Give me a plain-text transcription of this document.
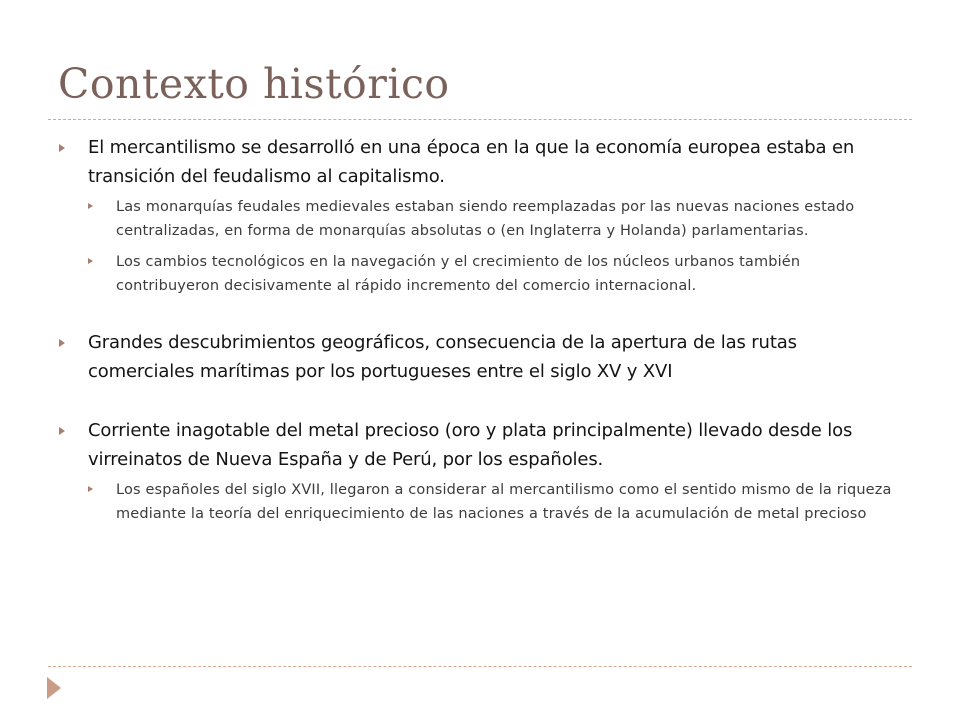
Contexto histórico
El mercantilismo se desarrolló en una época en la que la economía europea estaba en transición del feudalismo al capitalismo.
Las monarquías feudales medievales estaban siendo reemplazadas por las nuevas naciones estado centralizadas, en forma de monarquías absolutas o (en Inglaterra y Holanda) parlamentarias.
Los cambios tecnológicos en la navegación y el crecimiento de los núcleos urbanos también contribuyeron decisivamente al rápido incremento del comercio internacional.
Grandes descubrimientos geográficos, consecuencia de la apertura de las rutas comerciales marítimas por los portugueses entre el siglo XV y XVI
Corriente inagotable del metal precioso (oro y plata principalmente) llevado desde los virreinatos de Nueva España y de Perú, por los españoles.
Los españoles del siglo XVII, llegaron a considerar al mercantilismo como el sentido mismo de la riqueza mediante la teoría del enriquecimiento de las naciones a través de la acumulación de metal precioso
